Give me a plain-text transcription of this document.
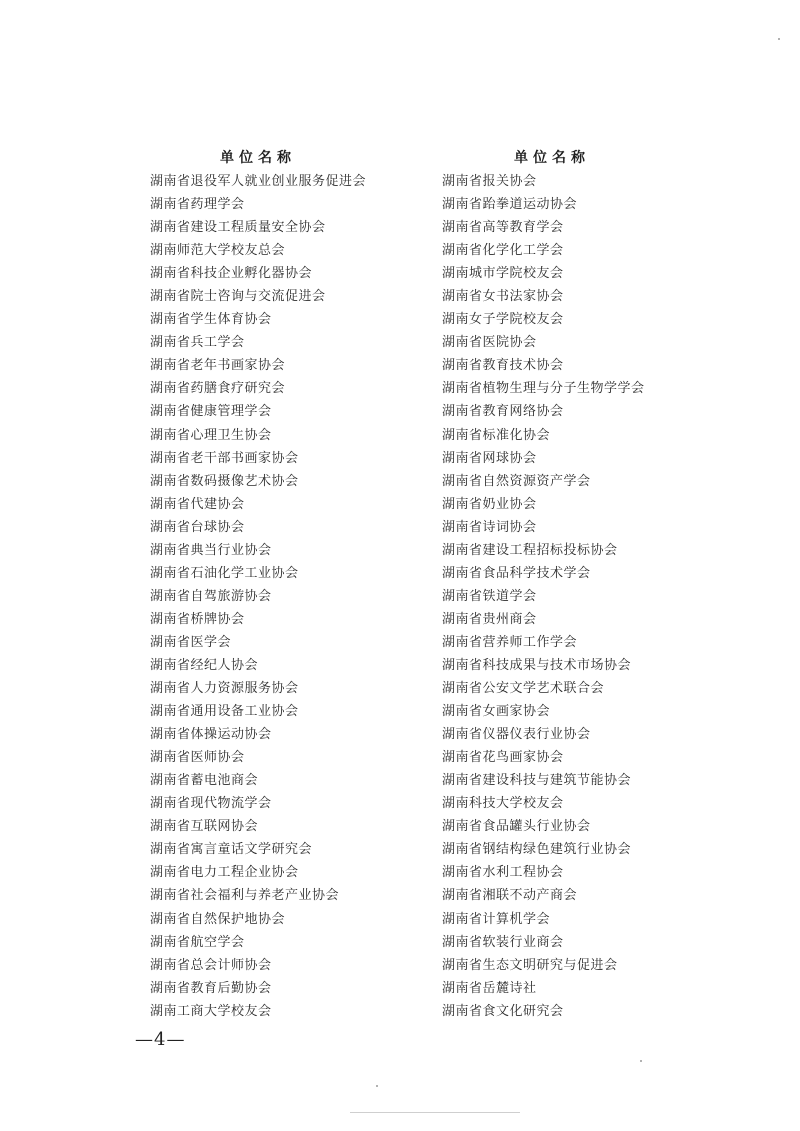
单位名称
湖南省退役军人就业创业服务促进会
湖南省药理学会
湖南省建设工程质量安全协会
湖南师范大学校友总会
湖南省科技企业孵化器协会
湖南省院士咨询与交流促进会
湖南省学生体育协会
湖南省兵工学会
湖南省老年书画家协会
湖南省药膳食疗研究会
湖南省健康管理学会
湖南省心理卫生协会
湖南省老干部书画家协会
湖南省数码摄像艺术协会
湖南省代建协会
湖南省台球协会
湖南省典当行业协会
湖南省石油化学工业协会
湖南省自驾旅游协会
湖南省桥牌协会
湖南省医学会
湖南省经纪人协会
湖南省人力资源服务协会
湖南省通用设备工业协会
湖南省体操运动协会
湖南省医师协会
湖南省蓄电池商会
湖南省现代物流学会
湖南省互联网协会
湖南省寓言童话文学研究会
湖南省电力工程企业协会
湖南省社会福利与养老产业协会
湖南省自然保护地协会
湖南省航空学会
湖南省总会计师协会
湖南省教育后勤协会
湖南工商大学校友会
单位名称
湖南省报关协会
湖南省跆拳道运动协会
湖南省高等教育学会
湖南省化学化工学会
湖南城市学院校友会
湖南省女书法家协会
湖南女子学院校友会
湖南省医院协会
湖南省教育技术协会
湖南省植物生理与分子生物学学会
湖南省教育网络协会
湖南省标准化协会
湖南省网球协会
湖南省自然资源资产学会
湖南省奶业协会
湖南省诗词协会
湖南省建设工程招标投标协会
湖南省食品科学技术学会
湖南省铁道学会
湖南省贵州商会
湖南省营养师工作学会
湖南省科技成果与技术市场协会
湖南省公安文学艺术联合会
湖南省女画家协会
湖南省仪器仪表行业协会
湖南省花鸟画家协会
湖南省建设科技与建筑节能协会
湖南科技大学校友会
湖南省食品罐头行业协会
湖南省钢结构绿色建筑行业协会
湖南省水利工程协会
湖南省湘联不动产商会
湖南省计算机学会
湖南省软装行业商会
湖南省生态文明研究与促进会
湖南省岳麓诗社
湖南省食文化研究会
—4—
